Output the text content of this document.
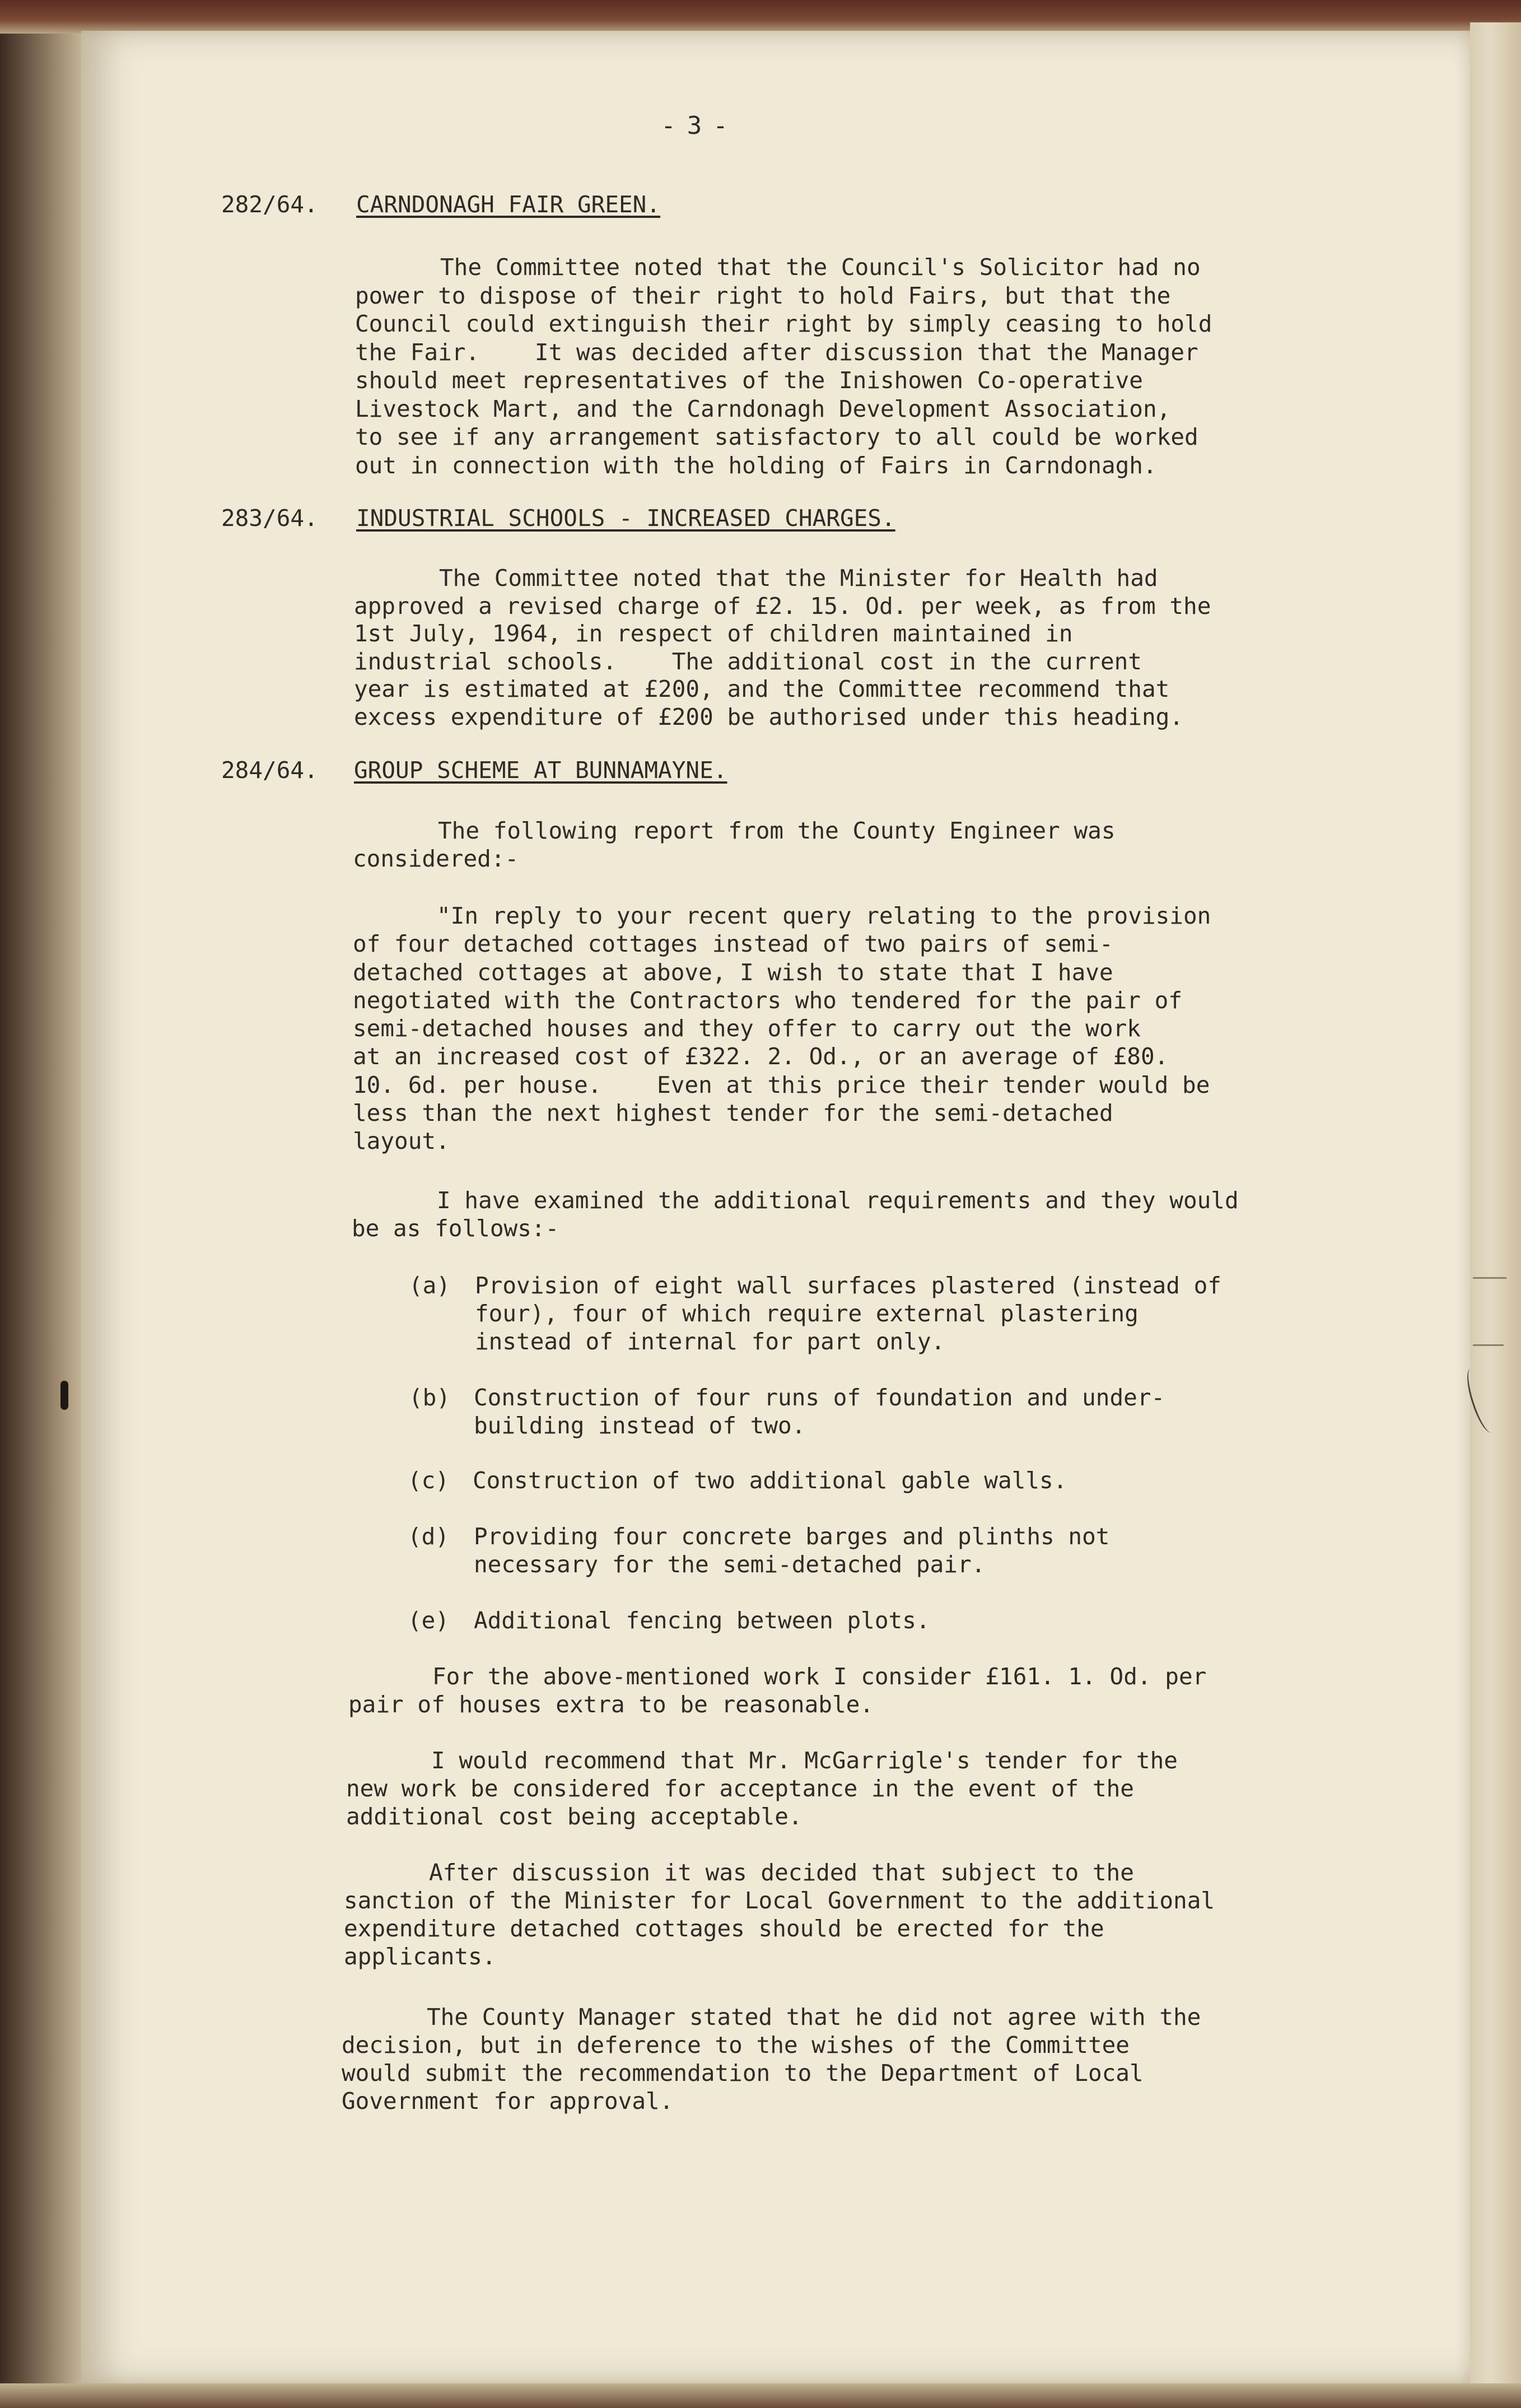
-3-
282/64. CARNDONAGH FAIR GREEN.
The Committee noted that the Council's Solicitor had no
power to dispose of their right to hold Fairs, but that the
Council could extinguish their right by simply ceasing to hold
the Fair.    It was decided after discussion that the Manager
should meet representatives of the Inishowen Co-operative
Livestock Mart, and the Carndonagh Development Association,
to see if any arrangement satisfactory to all could be worked
out in connection with the holding of Fairs in Carndonagh.
283/64. INDUSTRIAL SCHOOLS - INCREASED CHARGES.
The Committee noted that the Minister for Health had
approved a revised charge of £2. 15. Od. per week, as from the
1st July, 1964, in respect of children maintained in
industrial schools.    The additional cost in the current
year is estimated at £200, and the Committee recommend that
excess expenditure of £200 be authorised under this heading.
284/64. GROUP SCHEME AT BUNNAMAYNE.
The following report from the County Engineer was
considered:-
"In reply to your recent query relating to the provision
of four detached cottages instead of two pairs of semi-
detached cottages at above, I wish to state that I have
negotiated with the Contractors who tendered for the pair of
semi-detached houses and they offer to carry out the work
at an increased cost of £322. 2. Od., or an average of £80.
10. 6d. per house.    Even at this price their tender would be
less than the next highest tender for the semi-detached
layout.
I have examined the additional requirements and they would
be as follows:-
(a) Provision of eight wall surfaces plastered (instead of
four), four of which require external plastering
instead of internal for part only.
(b) Construction of four runs of foundation and under-
building instead of two.
(c) Construction of two additional gable walls.
(d) Providing four concrete barges and plinths not
necessary for the semi-detached pair.
(e) Additional fencing between plots.
For the above-mentioned work I consider £161. 1. Od. per
pair of houses extra to be reasonable.
I would recommend that Mr. McGarrigle's tender for the
new work be considered for acceptance in the event of the
additional cost being acceptable.
After discussion it was decided that subject to the
sanction of the Minister for Local Government to the additional
expenditure detached cottages should be erected for the
applicants.
The County Manager stated that he did not agree with the
decision, but in deference to the wishes of the Committee
would submit the recommendation to the Department of Local
Government for approval.
